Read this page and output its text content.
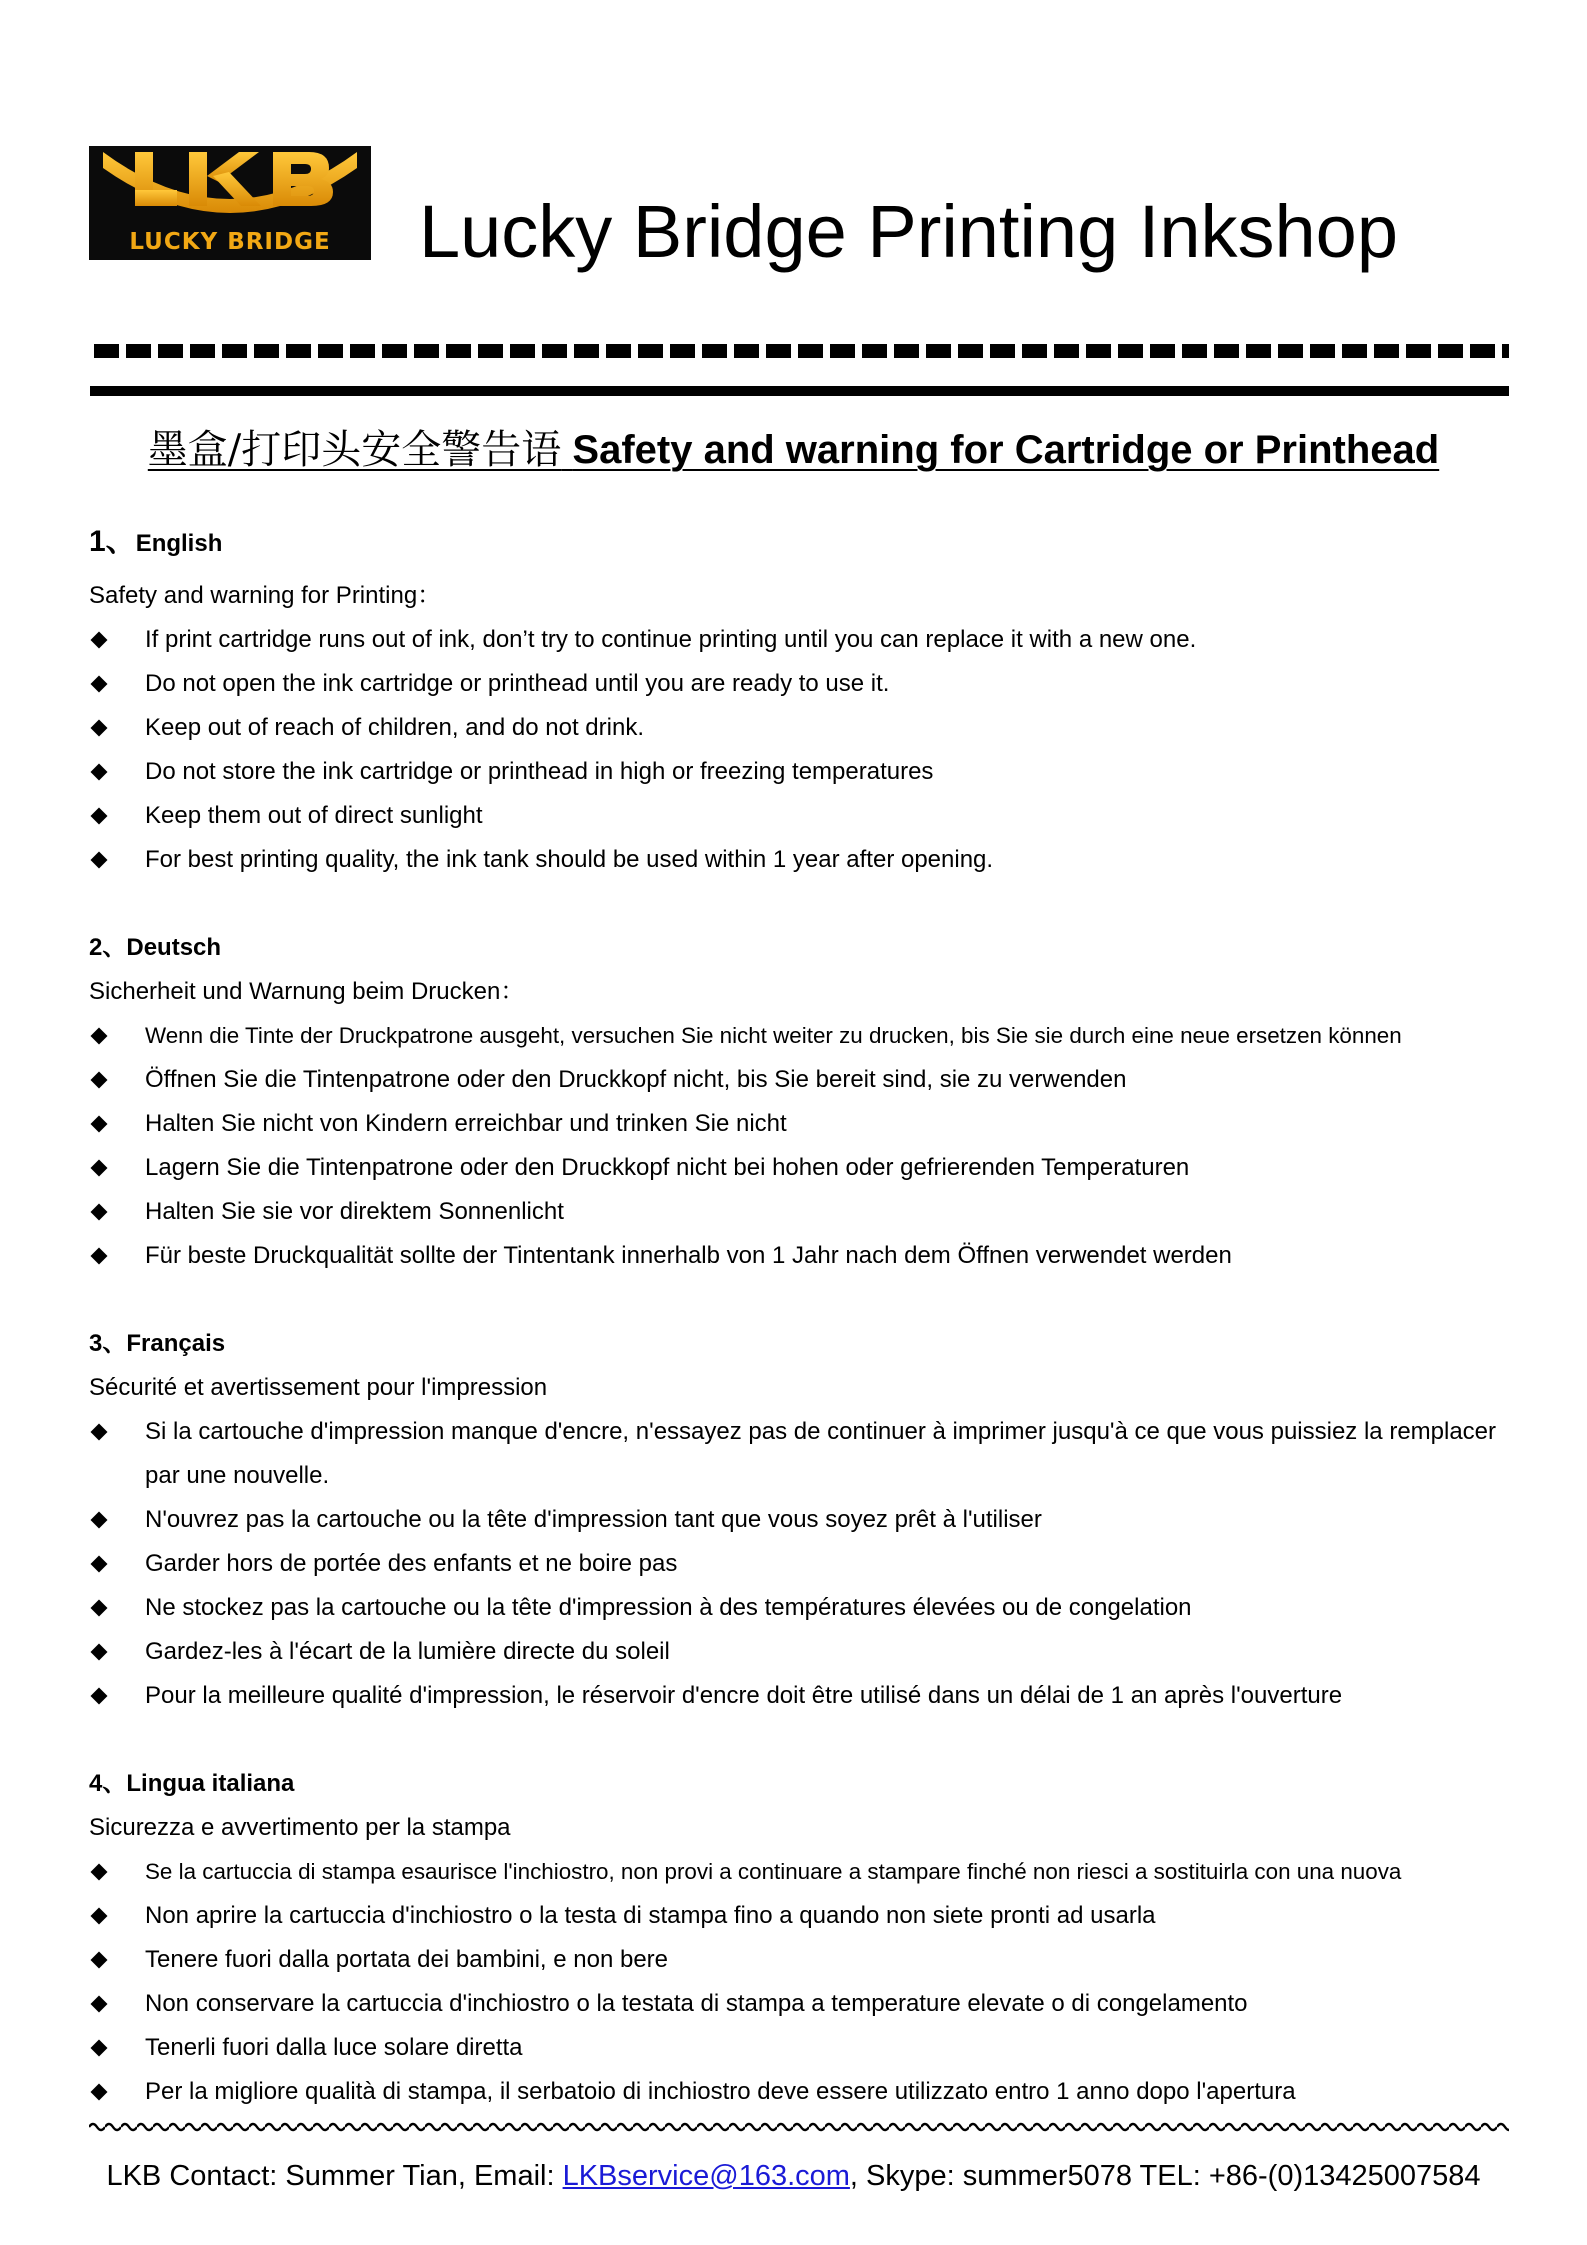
LUCKY BRIDGE	Lucky Bridge Printing Inkshop
墨盒/打印头安全警告语 Safety and warning for Cartridge or Printhead
1、English
Safety and warning for Printing：
If print cartridge runs out of ink, don’t try to continue printing until you can replace it with a new one.
Do not open the ink cartridge or printhead until you are ready to use it.
Keep out of reach of children, and do not drink.
Do not store the ink cartridge or printhead in high or freezing temperatures
Keep them out of direct sunlight
For best printing quality, the ink tank should be used within 1 year after opening.
2、Deutsch
Sicherheit und Warnung beim Drucken：
Wenn die Tinte der Druckpatrone ausgeht, versuchen Sie nicht weiter zu drucken, bis Sie sie durch eine neue ersetzen können
Öffnen Sie die Tintenpatrone oder den Druckkopf nicht, bis Sie bereit sind, sie zu verwenden
Halten Sie nicht von Kindern erreichbar und trinken Sie nicht
Lagern Sie die Tintenpatrone oder den Druckkopf nicht bei hohen oder gefrierenden Temperaturen
Halten Sie sie vor direktem Sonnenlicht
Für beste Druckqualität sollte der Tintentank innerhalb von 1 Jahr nach dem Öffnen verwendet werden
3、Français
Sécurité et avertissement pour l'impression
Si la cartouche d'impression manque d'encre, n'essayez pas de continuer à imprimer jusqu'à ce que vous puissiez la remplacer par une nouvelle.
N'ouvrez pas la cartouche ou la tête d'impression tant que vous soyez prêt à l'utiliser
Garder hors de portée des enfants et ne boire pas
Ne stockez pas la cartouche ou la tête d'impression à des températures élevées ou de congelation
Gardez-les à l'écart de la lumière directe du soleil
Pour la meilleure qualité d'impression, le réservoir d'encre doit être utilisé dans un délai de 1 an après l'ouverture
4、Lingua italiana
Sicurezza e avvertimento per la stampa
Se la cartuccia di stampa esaurisce l'inchiostro, non provi a continuare a stampare finché non riesci a sostituirla con una nuova
Non aprire la cartuccia d'inchiostro o la testa di stampa fino a quando non siete pronti ad usarla
Tenere fuori dalla portata dei bambini, e non bere
Non conservare la cartuccia d'inchiostro o la testata di stampa a temperature elevate o di congelamento
Tenerli fuori dalla luce solare diretta
Per la migliore qualità di stampa, il serbatoio di inchiostro deve essere utilizzato entro 1 anno dopo l'apertura
LKB Contact: Summer Tian, Email: LKBservice@163.com, Skype: summer5078 TEL: +86-(0)13425007584
